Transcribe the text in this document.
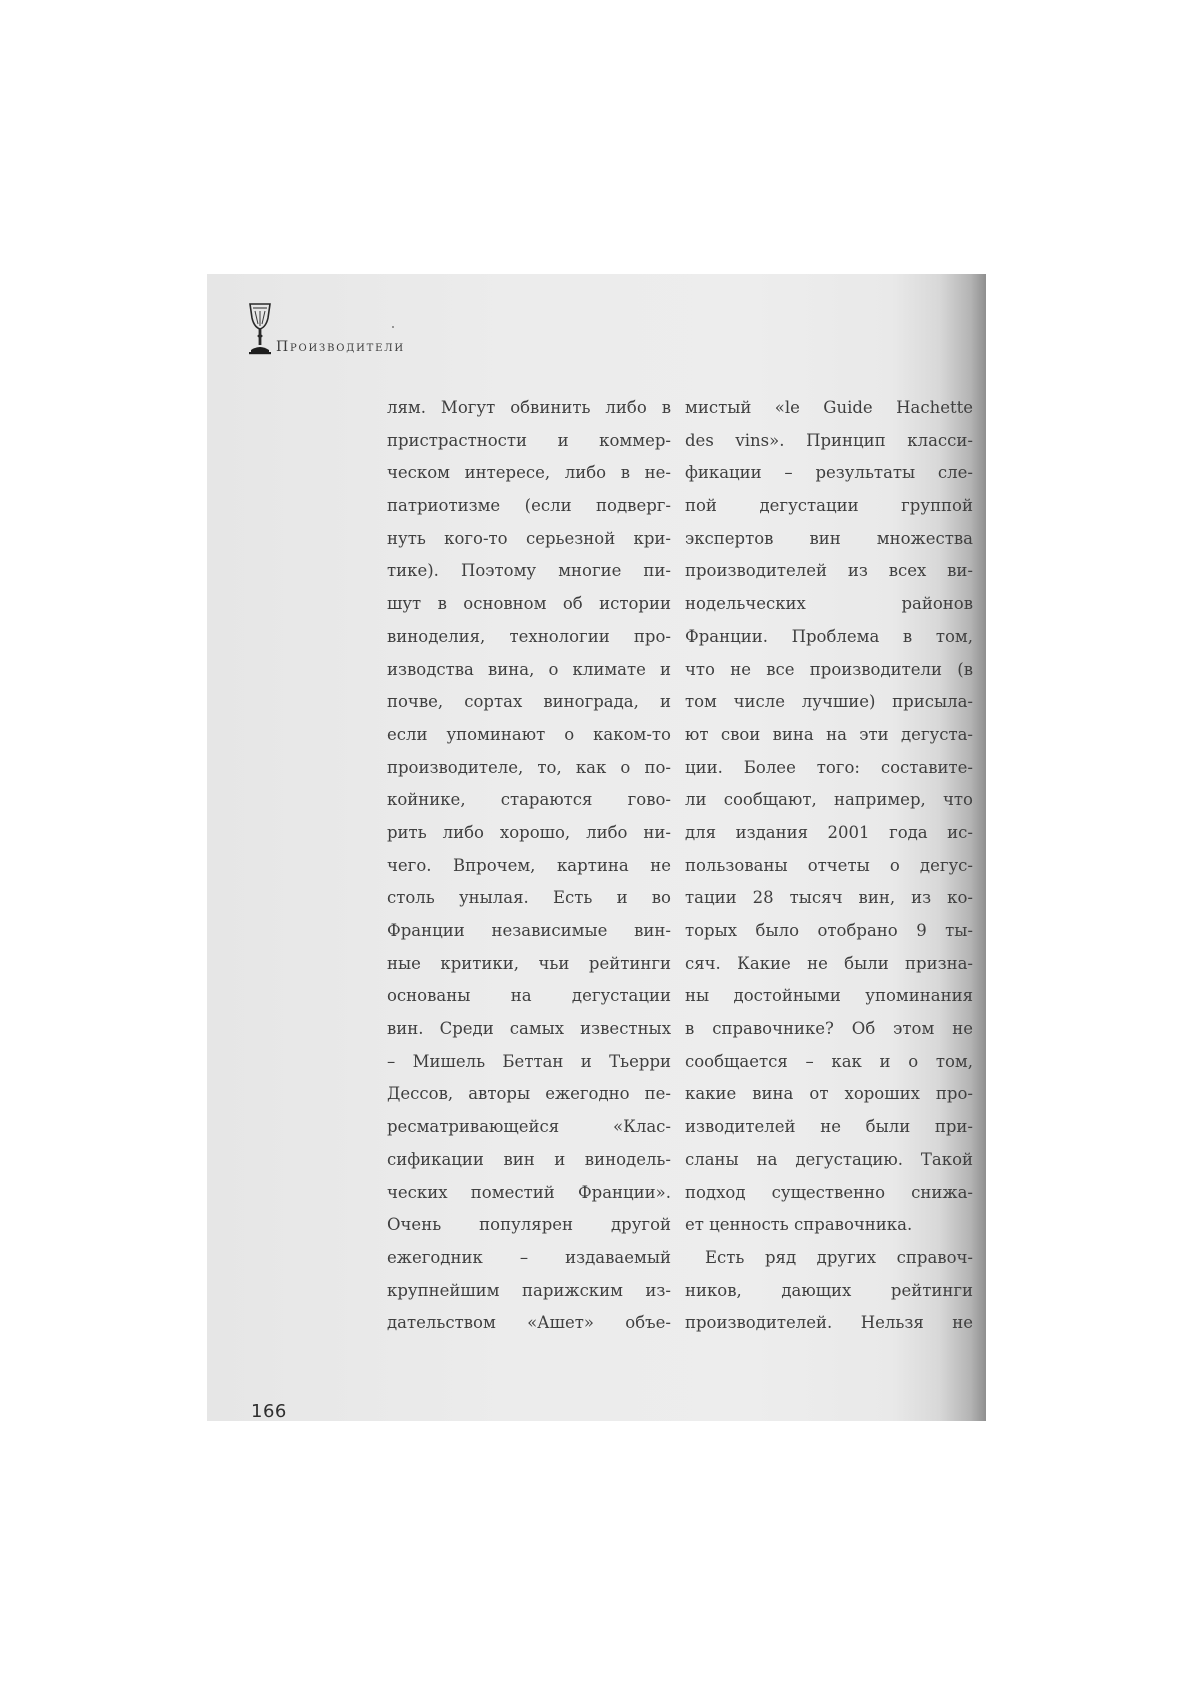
Производители
лям. Могут обвинить либо в
пристрастности и коммер-
ческом интересе, либо в не-
патриотизме (если подверг-
нуть кого-то серьезной кри-
тике). Поэтому многие пи-
шут в основном об истории
виноделия, технологии про-
изводства вина, о климате и
почве, сортах винограда, и
если упоминают о каком-то
производителе, то, как о по-
койнике, стараются гово-
рить либо хорошо, либо ни-
чего. Впрочем, картина не
столь унылая. Есть и во
Франции независимые вин-
ные критики, чьи рейтинги
основаны на дегустации
вин. Среди самых известных
– Мишель Беттан и Тьерри
Дессов, авторы ежегодно пе-
ресматривающейся «Клас-
сификации вин и винодель-
ческих поместий Франции».
Очень популярен другой
ежегодник – издаваемый
крупнейшим парижским из-
дательством «Ашет» объе-
мистый «le Guide Hachette
des vins». Принцип класси-
фикации – результаты сле-
пой дегустации группой
экспертов вин множества
производителей из всех ви-
нодельческих районов
Франции. Проблема в том,
что не все производители (в
том числе лучшие) присыла-
ют свои вина на эти дегуста-
ции. Более того: составите-
ли сообщают, например, что
для издания 2001 года ис-
пользованы отчеты о дегус-
тации 28 тысяч вин, из ко-
торых было отобрано 9 ты-
сяч. Какие не были призна-
ны достойными упоминания
в справочнике? Об этом не
сообщается – как и о том,
какие вина от хороших про-
изводителей не были при-
сланы на дегустацию. Такой
подход существенно снижа-
ет ценность справочника.
Есть ряд других справоч-
ников, дающих рейтинги
производителей. Нельзя не
166
